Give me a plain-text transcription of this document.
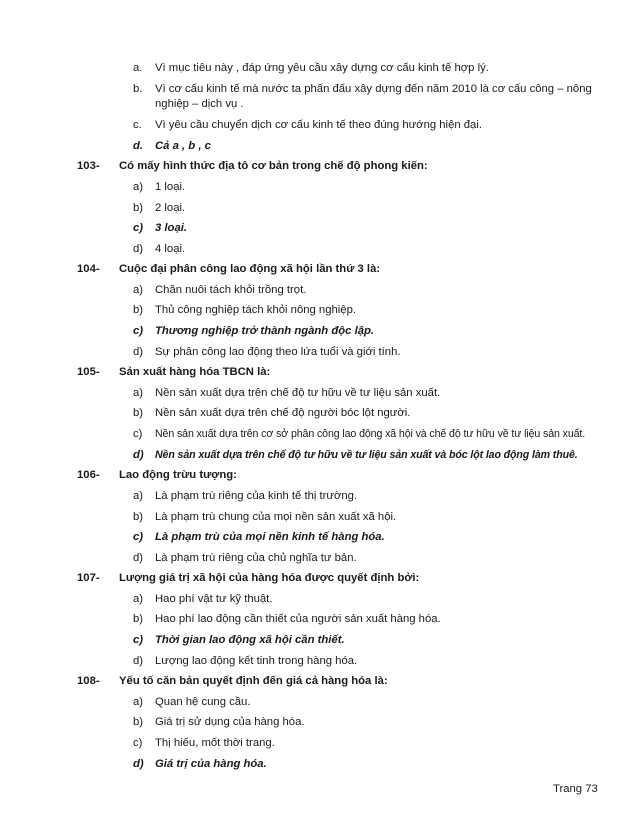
a. Vì mục tiêu này , đáp ứng yêu cầu xây dựng cơ cấu kinh tế hợp lý.
b. Vì cơ cấu kinh tế mà nước ta phấn đấu xây dựng đến năm 2010 là cơ cấu công – nông
nghiệp – dịch vụ .
c. Vì yêu cầu chuyển dịch cơ cấu kinh tế theo đúng hướng hiện đại.
d. Cả a , b , c
103- Có mấy hình thức địa tô cơ bản trong chế độ phong kiến:
a) 1 loại.
b) 2 loại.
c) 3 loại.
d) 4 loại.
104- Cuộc đại phân công lao động xã hội lần thứ 3 là:
a) Chăn nuôi tách khỏi trồng trọt.
b) Thủ công nghiệp tách khỏi nông nghiệp.
c) Thương nghiệp trở thành ngành độc lập.
d) Sự phân công lao động theo lứa tuổi và giới tính.
105- Sản xuất hàng hóa TBCN là:
a) Nền sản xuất dựa trên chế độ tư hữu về tư liệu sản xuất.
b) Nền sản xuất dựa trên chế độ người bóc lột người.
c) Nền sản xuất dựa trên cơ sở phân công lao động xã hội và chế độ tư hữu về tư liệu sản xuất.
d) Nền sản xuất dựa trên chế độ tư hữu về tư liệu sản xuất và bóc lột lao động làm thuê.
106- Lao động trừu tượng:
a) Là phạm trù riêng của kinh tế thị trường.
b) Là phạm trù chung của mọi nền sản xuất xã hội.
c) Là phạm trù của mọi nền kinh tế hàng hóa.
d) Là phạm trù riêng của chủ nghĩa tư bản.
107- Lượng giá trị xã hội của hàng hóa được quyết định bởi:
a) Hao phí vật tư kỹ thuật.
b) Hao phí lao động cần thiết của người sản xuất hàng hóa.
c) Thời gian lao động xã hội cần thiết.
d) Lượng lao động kết tinh trong hàng hóa.
108- Yếu tố căn bản quyết định đến giá cả hàng hóa là:
a) Quan hệ cung cầu.
b) Giá trị sử dụng của hàng hóa.
c) Thị hiếu, mốt thời trang.
d) Giá trị của hàng hóa.
Trang 73
